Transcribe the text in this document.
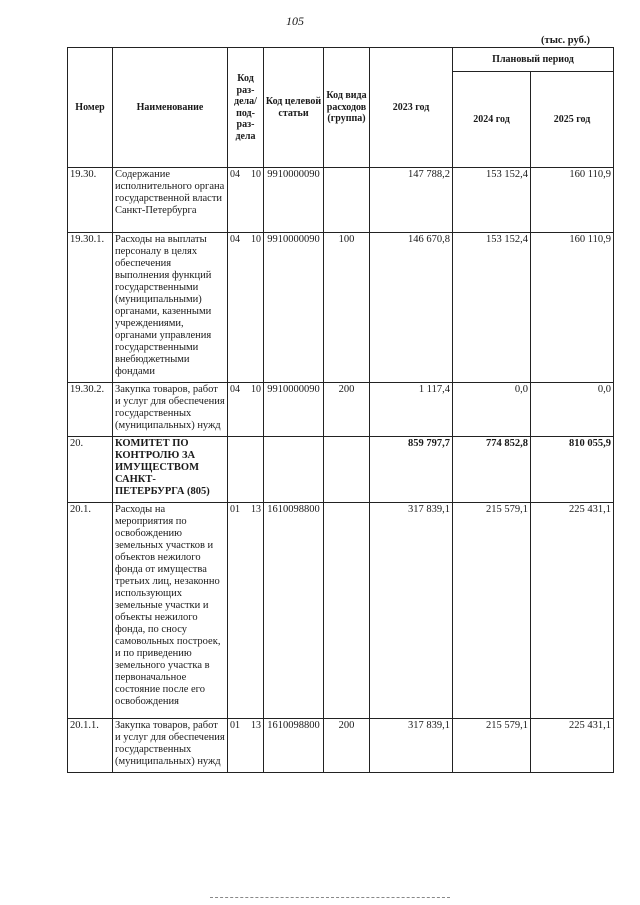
105
(тыс. руб.)
Номер	Наименование	Код раз-дела/ под-раз-дела	Код целевой статьи	Код вида расходов (группа)	2023 год	Плановый период	
						2024 год	2025 год
19.30.	Содержание исполнительного органа государственной власти Санкт-Петербурга	04 10	9910000090		147 788,2	153 152,4	160 110,9
19.30.1.	Расходы на выплаты персоналу в целях обеспечения выполнения функций государственными (муниципальными) органами, казенными учреждениями, органами управления государственными внебюджетными фондами	04 10	9910000090	100	146 670,8	153 152,4	160 110,9
19.30.2.	Закупка товаров, работ и услуг для обеспечения государственных (муниципальных) нужд	04 10	9910000090	200	1 117,4	0,0	0,0
20.	КОМИТЕТ ПО КОНТРОЛЮ ЗА ИМУЩЕСТВОМ САНКТ-ПЕТЕРБУРГА (805)				859 797,7	774 852,8	810 055,9
20.1.	Расходы на мероприятия по освобождению земельных участков и объектов нежилого фонда от имущества третьих лиц, незаконно использующих земельные участки и объекты нежилого фонда, по сносу самовольных построек, и по приведению земельного участка в первоначальное состояние после его освобождения	01 13	1610098800		317 839,1	215 579,1	225 431,1
20.1.1.	Закупка товаров, работ и услуг для обеспечения государственных (муниципальных) нужд	01 13	1610098800	200	317 839,1	215 579,1	225 431,1
